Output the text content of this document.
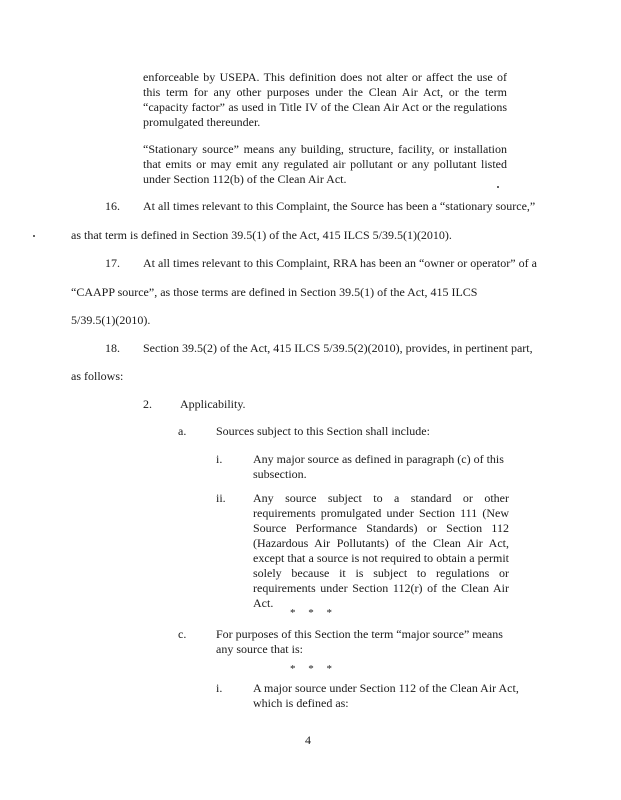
enforceable by USEPA. This definition does not alter or affect the use of this term for any other purposes under the Clean Air Act, or the term “capacity factor” as used in Title IV of the Clean Air Act or the regulations promulgated thereunder.
“Stationary source” means any building, structure, facility, or installation that emits or may emit any regulated air pollutant or any pollutant listed under Section 112(b) of the Clean Air Act.
16. At all times relevant to this Complaint, the Source has been a “stationary source,”
as that term is defined in Section 39.5(1) of the Act, 415 ILCS 5/39.5(1)(2010).
17. At all times relevant to this Complaint, RRA has been an “owner or operator” of a
“CAAPP source”, as those terms are defined in Section 39.5(1) of the Act, 415 ILCS
5/39.5(1)(2010).
18. Section 39.5(2) of the Act, 415 ILCS 5/39.5(2)(2010), provides, in pertinent part,
as follows:
2. Applicability.
a. Sources subject to this Section shall include:
i.	Any major source as defined in paragraph (c) of this subsection.
ii. Any source subject to a standard or other requirements promulgated under Section 111 (New Source Performance Standards) or Section 112 (Hazardous Air Pollutants) of the Clean Air Act, except that a source is not required to obtain a permit solely because it is subject to regulations or requirements under Section 112(r) of the Clean Air Act.
* * *
c. For purposes of this Section the term “major source” means any source that is:
* * *
i.	A major source under Section 112 of the Clean Air Act, which is defined as:
4
